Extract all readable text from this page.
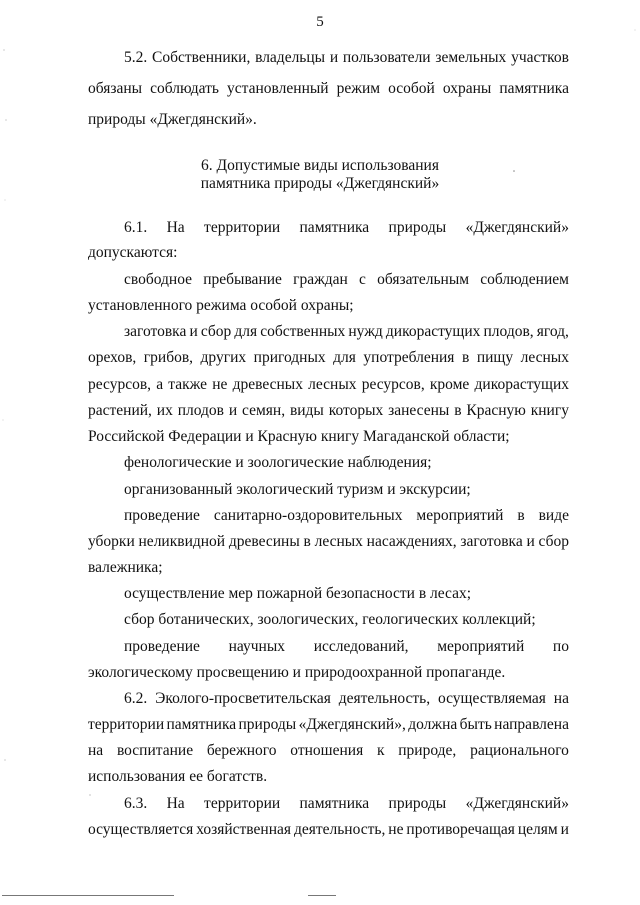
5
5.2. Собственники, владельцы и пользователи земельных участков
обязаны соблюдать установленный режим особой охраны памятника
природы «Джегдянский».
6. Допустимые виды использования
памятника природы «Джегдянский»
6.1. На территории памятника природы «Джегдянский»
допускаются:
свободное пребывание граждан с обязательным соблюдением
установленного режима особой охраны;
заготовка и сбор для собственных нужд дикорастущих плодов, ягод,
орехов, грибов, других пригодных для употребления в пищу лесных
ресурсов, а также не древесных лесных ресурсов, кроме дикорастущих
растений, их плодов и семян, виды которых занесены в Красную книгу
Российской Федерации и Красную книгу Магаданской области;
фенологические и зоологические наблюдения;
организованный экологический туризм и экскурсии;
проведение санитарно-оздоровительных мероприятий в виде
уборки неликвидной древесины в лесных насаждениях, заготовка и сбор
валежника;
осуществление мер пожарной безопасности в лесах;
сбор ботанических, зоологических, геологических коллекций;
проведение научных исследований, мероприятий по
экологическому просвещению и природоохранной пропаганде.
6.2. Эколого-просветительская деятельность, осуществляемая на
территории памятника природы «Джегдянский», должна быть направлена
на воспитание бережного отношения к природе, рационального
использования ее богатств.
6.3. На территории памятника природы «Джегдянский»
осуществляется хозяйственная деятельность, не противоречащая целям и
